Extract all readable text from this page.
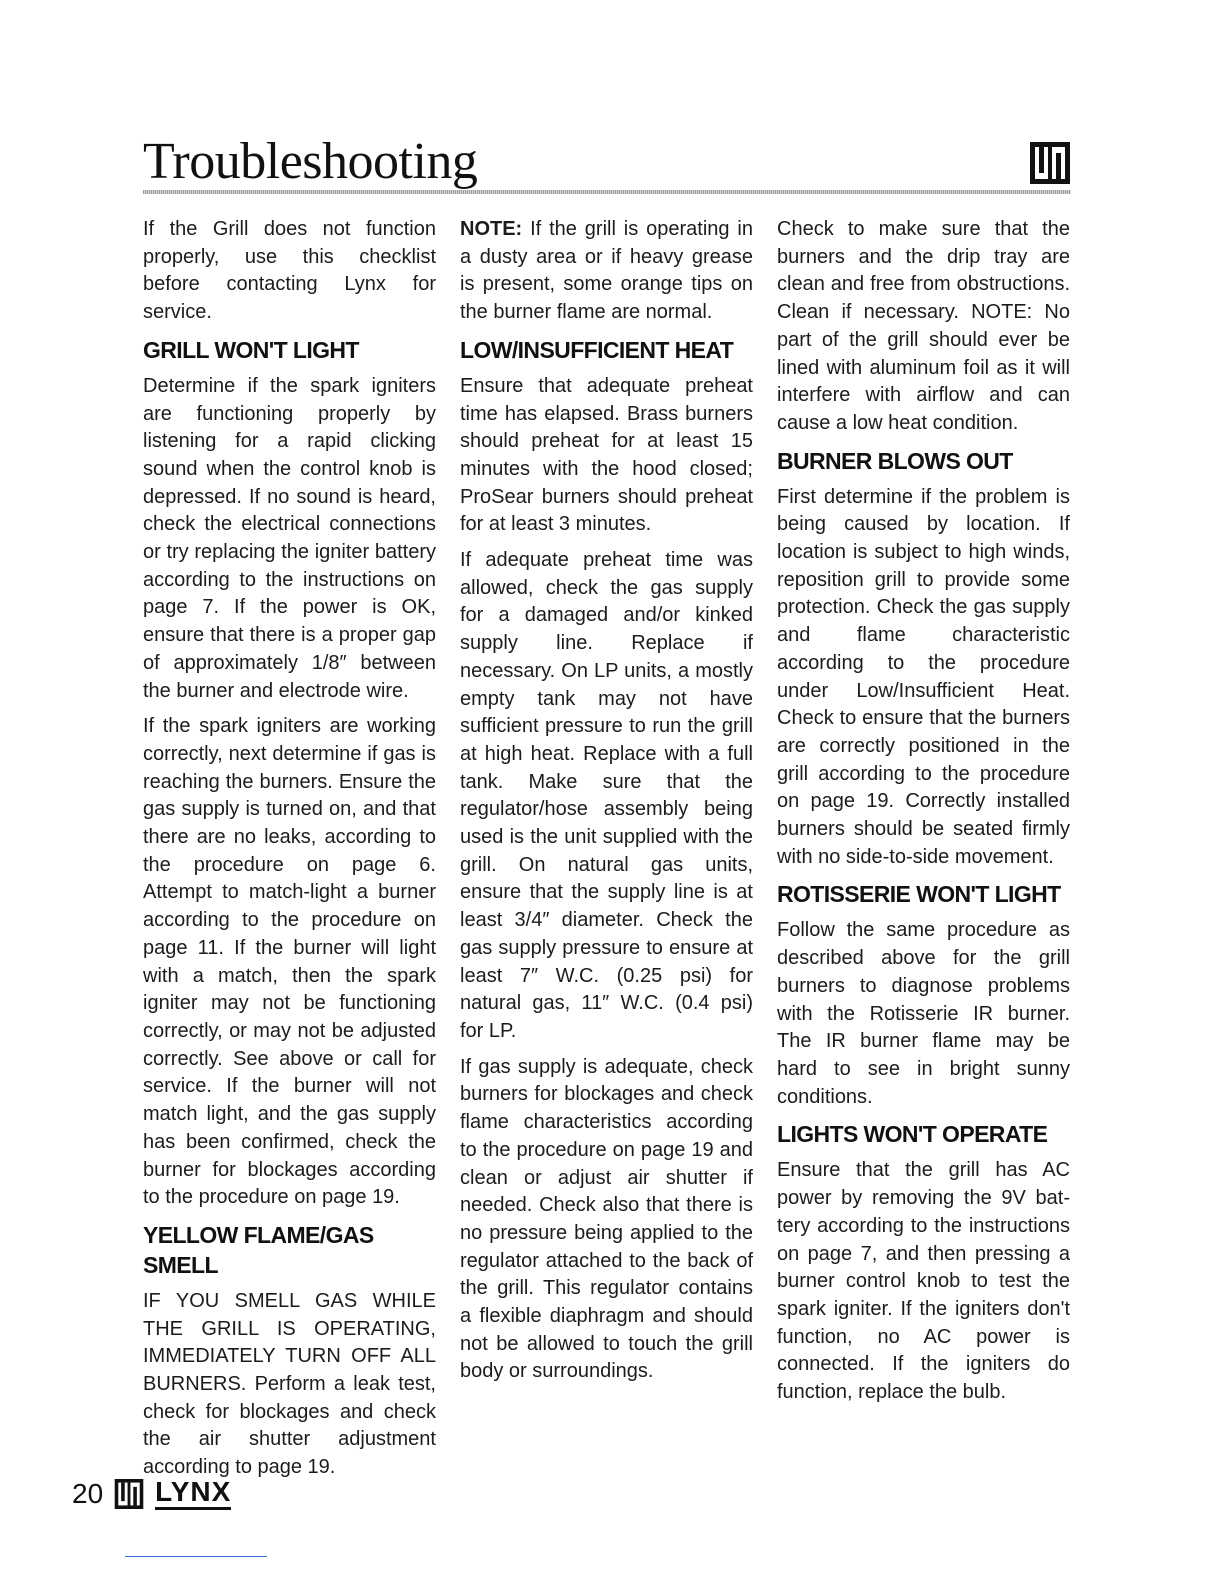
Troubleshooting

If the Grill does not function properly, use this checklist before contacting Lynx for service.

GRILL WON'T LIGHT

Determine if the spark igniters are functioning properly by listening for a rapid clicking sound when the control knob is depressed. If no sound is heard, check the electrical connections or try replacing the igniter battery according to the instructions on page 7. If the power is OK, ensure that there is a proper gap of approximately 1/8″ between the burner and electrode wire.

If the spark igniters are working correctly, next determine if gas is reaching the burners. Ensure the gas supply is turned on, and that there are no leaks, according to the procedure on page 6. Attempt to match-light a burner according to the procedure on page 11. If the burner will light with a match, then the spark igniter may not be functioning correctly, or may not be adjusted correctly. See above or call for service. If the burner will not match light, and the gas supply has been confirmed, check the burner for blockages according to the procedure on page 19.

YELLOW FLAME/GAS SMELL

IF YOU SMELL GAS WHILE THE GRILL IS OPERATING, IMMEDIATELY TURN OFF ALL BURNERS. Perform a leak test, check for blockages and check the air shutter adjustment according to page 19.

NOTE: If the grill is operating in a dusty area or if heavy grease is present, some orange tips on the burner flame are normal.

LOW/INSUFFICIENT HEAT

Ensure that adequate preheat time has elapsed. Brass burners should preheat for at least 15 minutes with the hood closed; ProSear burners should preheat for at least 3 minutes.

If adequate preheat time was allowed, check the gas supply for a damaged and/or kinked supply line. Replace if necessary. On LP units, a mostly empty tank may not have sufficient pressure to run the grill at high heat. Replace with a full tank. Make sure that the regulator/hose assembly being used is the unit supplied with the grill. On natural gas units, ensure that the supply line is at least 3/4″ diameter. Check the gas supply pressure to ensure at least 7″ W.C. (0.25 psi) for natural gas, 11″ W.C. (0.4 psi) for LP.

If gas supply is adequate, check burners for blockages and check flame characteristics according to the procedure on page 19 and clean or adjust air shutter if needed. Check also that there is no pressure being applied to the regulator attached to the back of the grill. This regulator contains a flexible diaphragm and should not be allowed to touch the grill body or surroundings.

Check to make sure that the burners and the drip tray are clean and free from obstructions. Clean if necessary. NOTE: No part of the grill should ever be lined with aluminum foil as it will interfere with airflow and can cause a low heat condition.

BURNER BLOWS OUT

First determine if the problem is being caused by location. If location is subject to high winds, reposition grill to provide some protection. Check the gas supply and flame characteristic according to the procedure under Low/Insufficient Heat. Check to ensure that the burners are correctly positioned in the grill according to the procedure on page 19. Correctly installed burners should be seated firmly with no side-to-side movement.

ROTISSERIE WON'T LIGHT

Follow the same procedure as described above for the grill burners to diagnose problems with the Rotisserie IR burner. The IR burner flame may be hard to see in bright sunny conditions.

LIGHTS WON'T OPERATE

Ensure that the grill has AC power by removing the 9V battery according to the instructions on page 7, and then pressing a burner control knob to test the spark igniter. If the igniters don't function, no AC power is connected. If the igniters do function, replace the bulb.

20 LYNX
